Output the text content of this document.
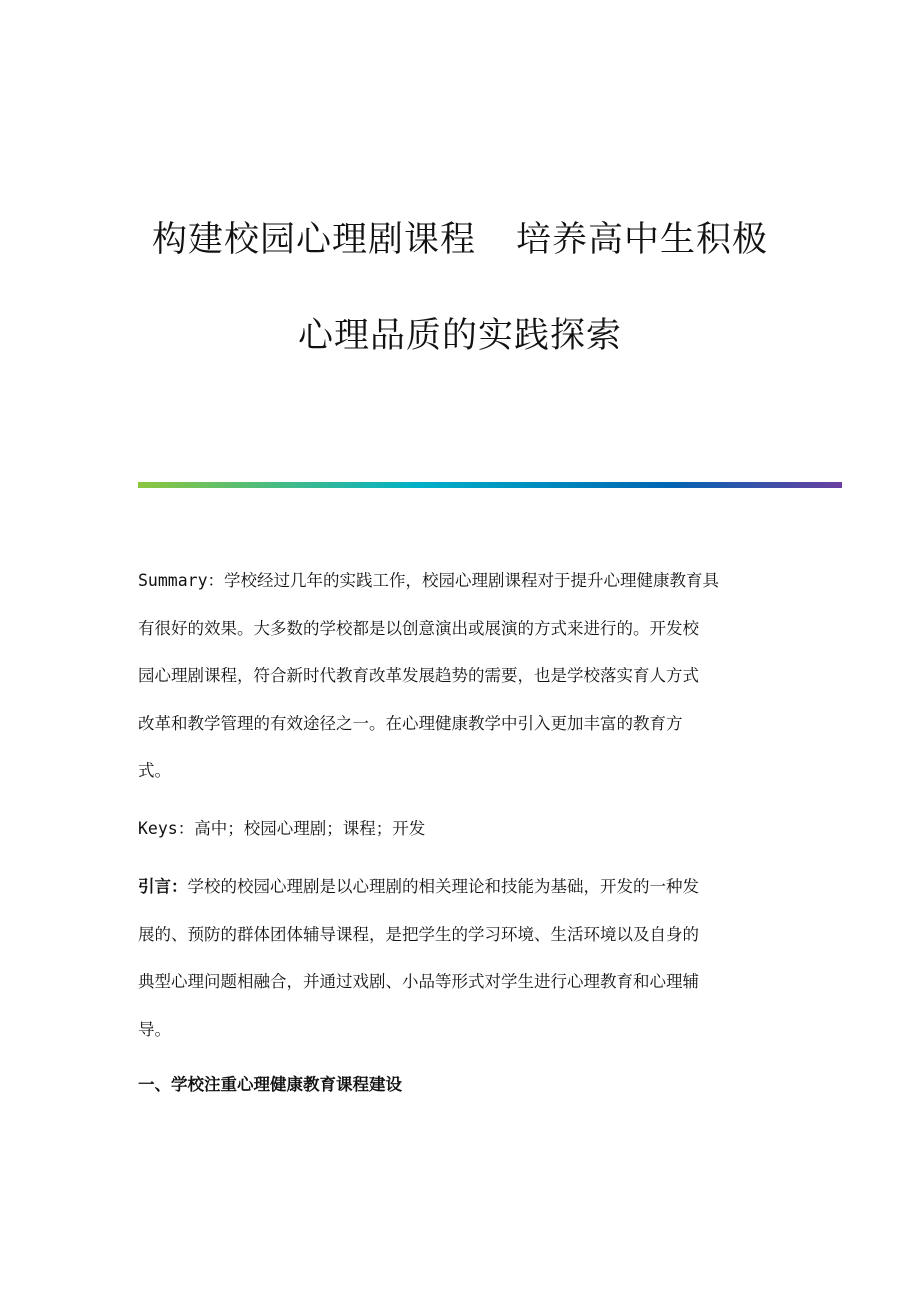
构建校园心理剧课程 培养高中生积极
心理品质的实践探索
Summary：学校经过几年的实践工作，校园心理剧课程对于提升心理健康教育具
有很好的效果。大多数的学校都是以创意演出或展演的方式来进行的。开发校
园心理剧课程，符合新时代教育改革发展趋势的需要，也是学校落实育人方式
改革和教学管理的有效途径之一。在心理健康教学中引入更加丰富的教育方
式。
Keys：高中；校园心理剧；课程；开发
引言：学校的校园心理剧是以心理剧的相关理论和技能为基础，开发的一种发
展的、预防的群体团体辅导课程，是把学生的学习环境、生活环境以及自身的
典型心理问题相融合，并通过戏剧、小品等形式对学生进行心理教育和心理辅
导。
一、学校注重心理健康教育课程建设
